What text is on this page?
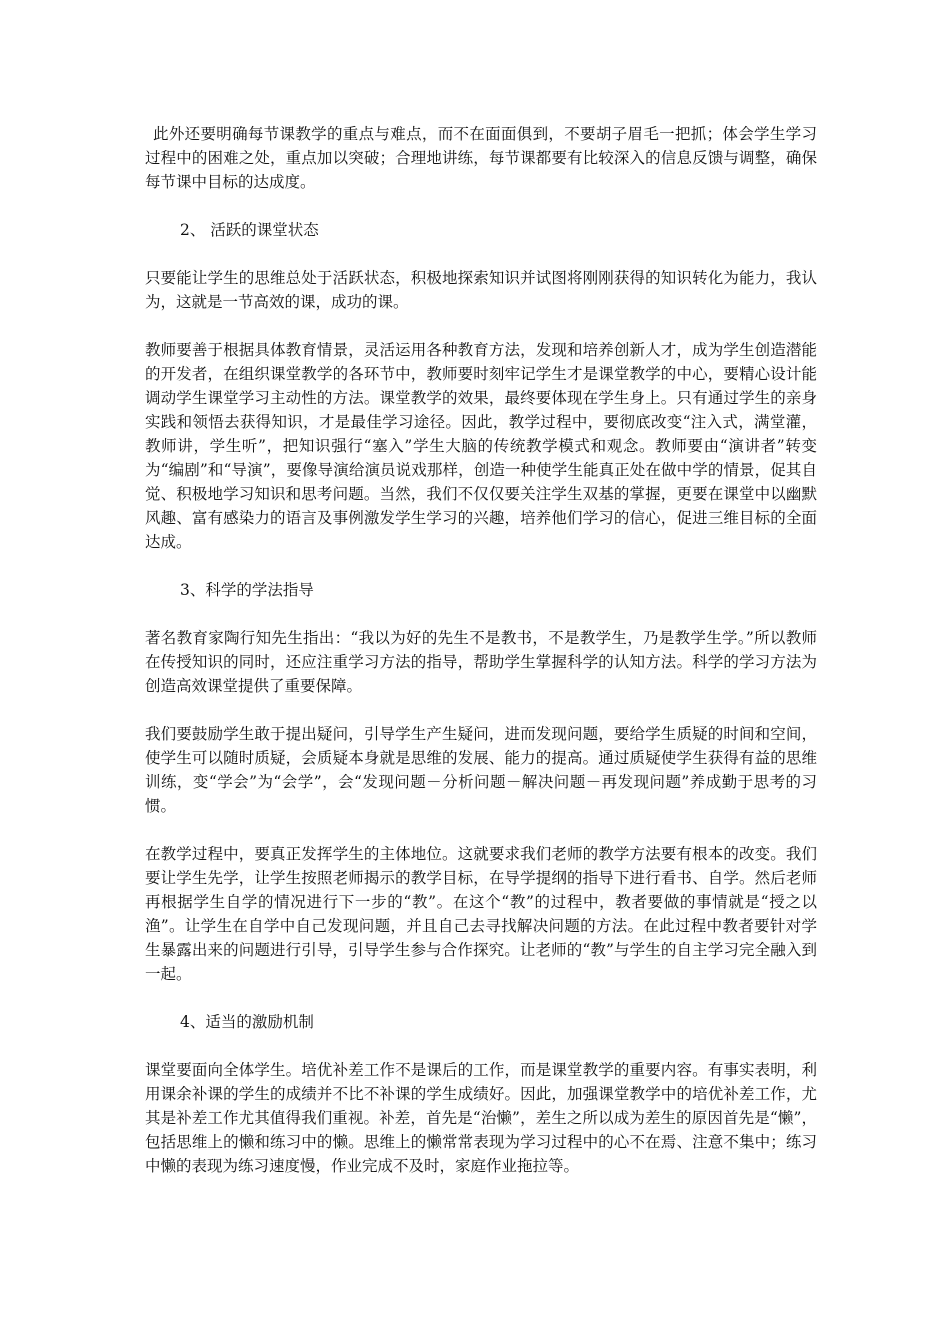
此外还要明确每节课教学的重点与难点，而不在面面俱到，不要胡子眉毛一把抓；体会学生学习过程中的困难之处，重点加以突破；合理地讲练，每节课都要有比较深入的信息反馈与调整，确保每节课中目标的达成度。

2、 活跃的课堂状态

只要能让学生的思维总处于活跃状态，积极地探索知识并试图将刚刚获得的知识转化为能力，我认为，这就是一节高效的课，成功的课。

教师要善于根据具体教育情景，灵活运用各种教育方法，发现和培养创新人才，成为学生创造潜能的开发者，在组织课堂教学的各环节中，教师要时刻牢记学生才是课堂教学的中心，要精心设计能调动学生课堂学习主动性的方法。课堂教学的效果，最终要体现在学生身上。只有通过学生的亲身实践和领悟去获得知识，才是最佳学习途径。因此，教学过程中，要彻底改变“注入式，满堂灌，教师讲，学生听”，把知识强行“塞入”学生大脑的传统教学模式和观念。教师要由“演讲者”转变为“编剧”和“导演”，要像导演给演员说戏那样，创造一种使学生能真正处在做中学的情景，促其自觉、积极地学习知识和思考问题。当然，我们不仅仅要关注学生双基的掌握，更要在课堂中以幽默风趣、富有感染力的语言及事例激发学生学习的兴趣，培养他们学习的信心，促进三维目标的全面达成。

3、科学的学法指导

著名教育家陶行知先生指出：“我以为好的先生不是教书，不是教学生，乃是教学生学。”所以教师在传授知识的同时，还应注重学习方法的指导，帮助学生掌握科学的认知方法。科学的学习方法为创造高效课堂提供了重要保障。

我们要鼓励学生敢于提出疑问，引导学生产生疑问，进而发现问题，要给学生质疑的时间和空间，使学生可以随时质疑，会质疑本身就是思维的发展、能力的提高。通过质疑使学生获得有益的思维训练，变“学会”为“会学”，会“发现问题－分析问题－解决问题－再发现问题”养成勤于思考的习惯。

在教学过程中，要真正发挥学生的主体地位。这就要求我们老师的教学方法要有根本的改变。我们要让学生先学，让学生按照老师揭示的教学目标，在导学提纲的指导下进行看书、自学。然后老师再根据学生自学的情况进行下一步的“教”。在这个“教”的过程中，教者要做的事情就是“授之以渔”。让学生在自学中自己发现问题，并且自己去寻找解决问题的方法。在此过程中教者要针对学生暴露出来的问题进行引导，引导学生参与合作探究。让老师的“教”与学生的自主学习完全融入到一起。

4、适当的激励机制

课堂要面向全体学生。培优补差工作不是课后的工作，而是课堂教学的重要内容。有事实表明，利用课余补课的学生的成绩并不比不补课的学生成绩好。因此，加强课堂教学中的培优补差工作，尤其是补差工作尤其值得我们重视。补差，首先是“治懒”，差生之所以成为差生的原因首先是“懒”，包括思维上的懒和练习中的懒。思维上的懒常常表现为学习过程中的心不在焉、注意不集中；练习中懒的表现为练习速度慢，作业完成不及时，家庭作业拖拉等。
